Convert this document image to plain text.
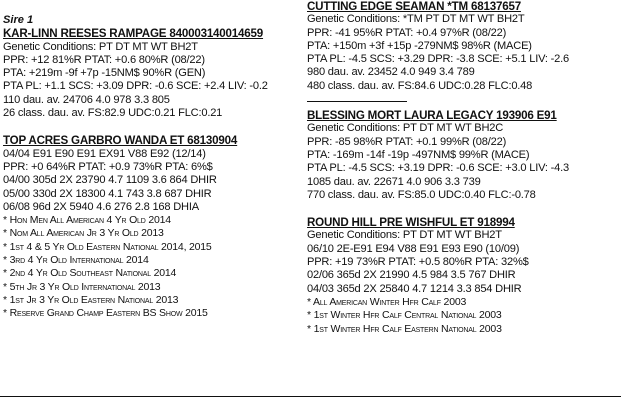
Sire 1
KAR-LINN REESES RAMPAGE 840003140014659
Genetic Conditions: PT DT MT WT BH2T
PPR: +12 81%R PTAT: +0.6 80%R (08/22)
PTA: +219m -9f +7p -15NM$ 90%R (GEN)
PTA PL: +1.1 SCS: +3.09 DPR: -0.6 SCE: +2.4 LIV: -0.2
110 dau. av. 24706 4.0 978 3.3 805
26 class. dau. av. FS:82.9 UDC:0.21 FLC:0.21
TOP ACRES GARBRO WANDA ET 68130904
04/04 E91 E90 E91 EX91 V88 E92 (12/14)
PPR: +0 64%R PTAT: +0.9 73%R PTA: 6%$
04/00 305d 2X 23790 4.7 1109 3.6 864 DHIR
05/00 330d 2X 18300 4.1 743 3.8 687 DHIR
06/08 96d 2X 5940 4.6 276 2.8 168 DHIA
* Hon Men All American 4 Yr Old 2014
* Nom All American Jr 3 Yr Old 2013
* 1st 4 & 5 Yr Old Eastern National 2014, 2015
* 3rd 4 Yr Old International 2014
* 2nd 4 Yr Old Southeast National 2014
* 5th Jr 3 Yr Old International 2013
* 1st Jr 3 Yr Old Eastern National 2013
* Reserve Grand Champ Eastern BS Show 2015
CUTTING EDGE SEAMAN *TM 68137657
Genetic Conditions: *TM PT DT MT WT BH2T
PPR: -41 95%R PTAT: +0.4 97%R (08/22)
PTA: +150m +3f +15p -279NM$ 98%R (MACE)
PTA PL: -4.5 SCS: +3.29 DPR: -3.8 SCE: +5.1 LIV: -2.6
980 dau. av. 23452 4.0 949 3.4 789
480 class. dau. av. FS:84.6 UDC:0.28 FLC:0.48
BLESSING MORT LAURA LEGACY 193906 E91
Genetic Conditions: PT DT MT WT BH2C
PPR: -85 98%R PTAT: +0.1 99%R (08/22)
PTA: -169m -14f -19p -497NM$ 99%R (MACE)
PTA PL: -4.5 SCS: +3.19 DPR: -0.6 SCE: +3.0 LIV: -4.3
1085 dau. av. 22671 4.0 906 3.3 739
770 class. dau. av. FS:85.0 UDC:0.40 FLC:-0.78
ROUND HILL PRE WISHFUL ET 918994
Genetic Conditions: PT DT MT WT BH2T
06/10 2E-E91 E94 V88 E91 E93 E90 (10/09)
PPR: +19 73%R PTAT: +0.5 80%R PTA: 32%$
02/06 365d 2X 21990 4.5 984 3.5 767 DHIR
04/03 365d 2X 25840 4.7 1214 3.3 854 DHIR
* All American Winter Hfr Calf 2003
* 1st Winter Hfr Calf Central National 2003
* 1st Winter Hfr Calf Eastern National 2003
